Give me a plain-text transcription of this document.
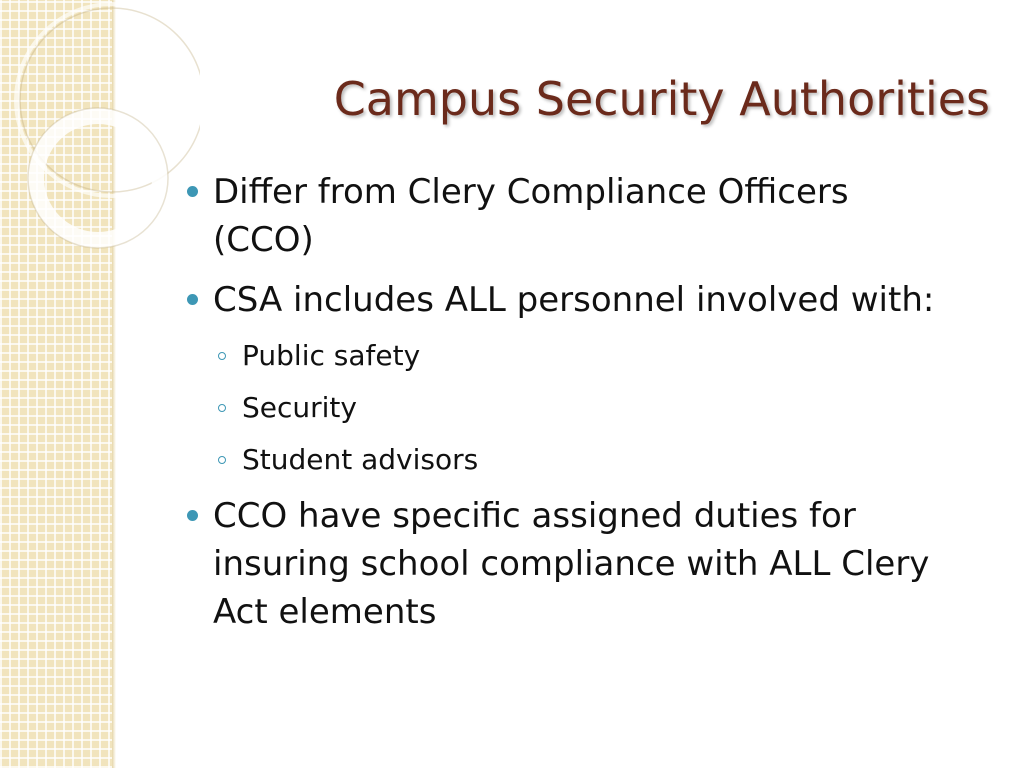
Campus Security Authorities
Differ from Clery Compliance Officers (CCO)
CSA includes ALL personnel involved with:
Public safety
Security
Student advisors
CCO have specific assigned duties for insuring school compliance with ALL Clery Act elements
